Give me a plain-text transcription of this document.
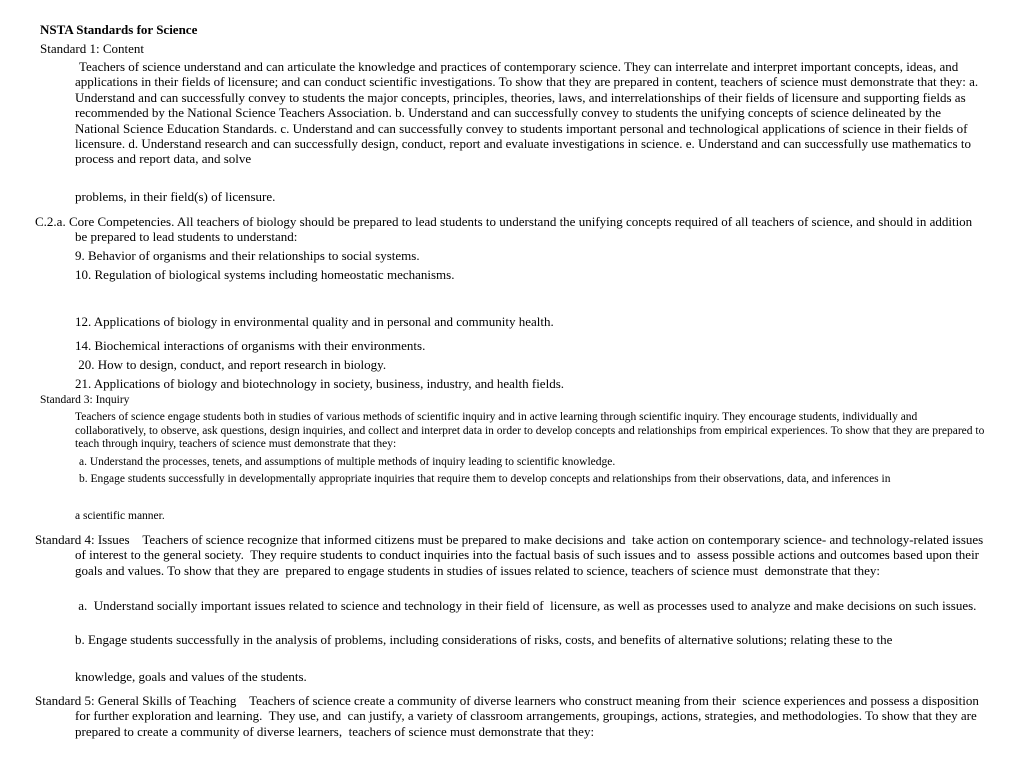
NSTA Standards for Science
Standard 1: Content
Teachers of science understand and can articulate the knowledge and practices of contemporary science. They can interrelate and interpret important concepts, ideas, and applications in their fields of licensure; and can conduct scientific investigations. To show that they are prepared in content, teachers of science must demonstrate that they: a. Understand and can successfully convey to students the major concepts, principles, theories, laws, and interrelationships of their fields of licensure and supporting fields as recommended by the National Science Teachers Association. b. Understand and can successfully convey to students the unifying concepts of science delineated by the National Science Education Standards. c. Understand and can successfully convey to students important personal and technological applications of science in their fields of licensure. d. Understand research and can successfully design, conduct, report and evaluate investigations in science. e. Understand and can successfully use mathematics to process and report data, and solve
problems, in their field(s) of licensure.
C.2.a. Core Competencies. All teachers of biology should be prepared to lead students to understand the unifying concepts required of all teachers of science, and should in addition be prepared to lead students to understand:
9. Behavior of organisms and their relationships to social systems.
10. Regulation of biological systems including homeostatic mechanisms.
12. Applications of biology in environmental quality and in personal and community health.
14. Biochemical interactions of organisms with their environments.
20. How to design, conduct, and report research in biology.
21. Applications of biology and biotechnology in society, business, industry, and health fields.
Standard 3: Inquiry
Teachers of science engage students both in studies of various methods of scientific inquiry and in active learning through scientific inquiry. They encourage students, individually and collaboratively, to observe, ask questions, design inquiries, and collect and interpret data in order to develop concepts and relationships from empirical experiences. To show that they are prepared to teach through inquiry, teachers of science must demonstrate that they:
a. Understand the processes, tenets, and assumptions of multiple methods of inquiry leading to scientific knowledge.
b. Engage students successfully in developmentally appropriate inquiries that require them to develop concepts and relationships from their observations, data, and inferences in
a scientific manner.
Standard 4: Issues    Teachers of science recognize that informed citizens must be prepared to make decisions and  take action on contemporary science- and technology-related issues of interest to the general society.  They require students to conduct inquiries into the factual basis of such issues and to  assess possible actions and outcomes based upon their goals and values. To show that they are  prepared to engage students in studies of issues related to science, teachers of science must  demonstrate that they:
a.  Understand socially important issues related to science and technology in their field of  licensure, as well as processes used to analyze and make decisions on such issues.
b. Engage students successfully in the analysis of problems, including considerations of risks, costs, and benefits of alternative solutions; relating these to the
knowledge, goals and values of the students.
Standard 5: General Skills of Teaching    Teachers of science create a community of diverse learners who construct meaning from their  science experiences and possess a disposition for further exploration and learning.  They use, and  can justify, a variety of classroom arrangements, groupings, actions, strategies, and methodologies. To show that they are prepared to create a community of diverse learners,  teachers of science must demonstrate that they:
